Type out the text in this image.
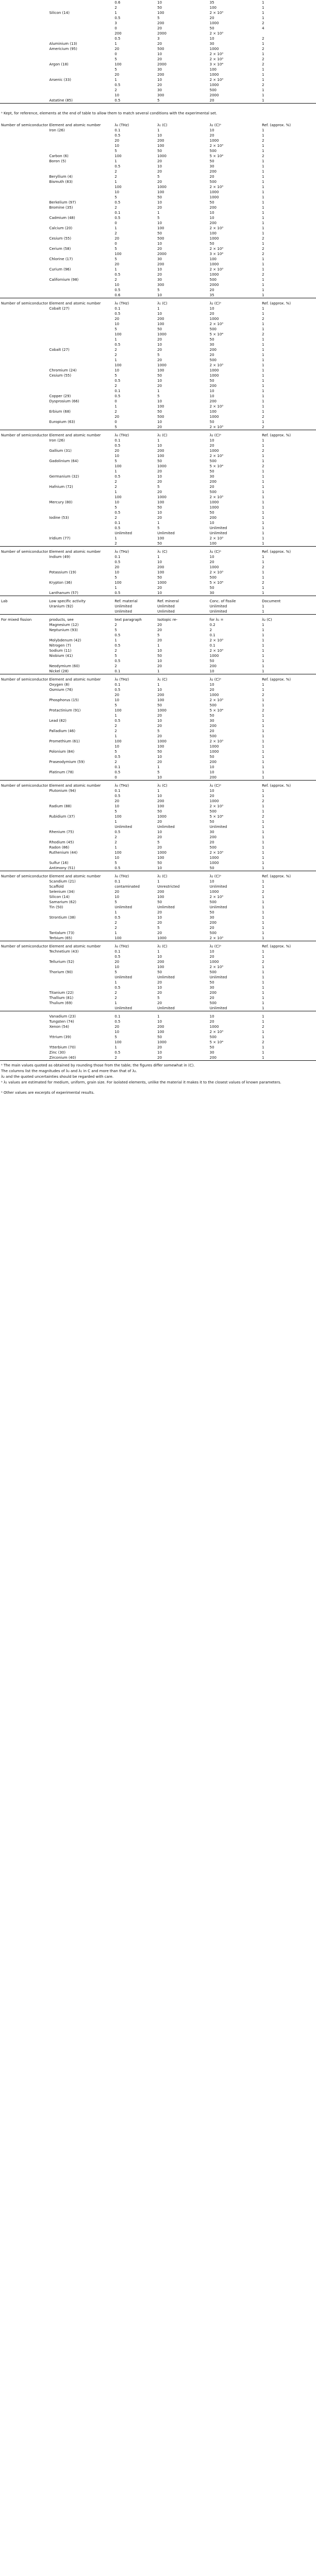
		0.6	10	35	1
		2	50	100	1
	Silicon (14)	1	100	2 × 10³	1
		0.5	5	20	1
		3	200	1000	2
		0	20	50	4
		200	2000	2 × 10³	
		0.5	3	10	2
	Aluminium (13)	1	20	30	1
	Americium (95)	20	500	1000	2
		0	10	2 × 10³	1
		5	20	2 × 10³	2
	Argon (18)	100	2000	3 × 10⁴	2
		5	30	100	1
		20	200	1000	1
	Arsenic (33)	1	10	2 × 10³	1
		0.5	20	1000	2
		2	30	500	1
		10	300	2000	1
	Astatine (85)	0.5	5	20	1
ᵃ Kept, for reference, elements at the end of table to allow them to match several conditions with the experimental set.
Number of semiconductor	Element and atomic number	λ₀ (THz)	λ₁ (C)	λ₂ (C)ᵃ	Ref. (approx. %)
	Iron (26)	0.1	1	10	1
		0.5	10	20	1
		20	200	1000	2
		10	100	2 × 10³	1
		5	50	500	1
	Carbon (6)	100	1000	5 × 10⁴	2
	Boron (5)	1	20	50	1
		0.5	10	30	1
		2	20	200	1
	Beryllium (4)	2	5	20	1
	Bismuth (83)	1	20	500	1
		100	1000	2 × 10³	1
		10	100	1000	1
		5	50	1000	1
	Berkelium (97)	0.5	10	50	1
	Bromine (35)	2	20	200	1
		0.1	1	10	1
	Cadmium (48)	0.5	5	10	1
		0	10	200	1
	Calcium (20)	1	100	2 × 10³	1
		2	50	100	1
	Cesium (55)	20	500	1000	2
		0	10	50	1
	Cerium (58)	5	20	2 × 10³	2
		100	2000	3 × 10⁴	2
	Chlorine (17)	5	30	100	1
		20	200	1000	1
	Curium (96)	1	10	2 × 10³	1
		0.5	20	1000	2
	Californium (98)	2	30	500	1
		10	300	2000	1
		0.5	5	20	1
		0.6	10	35	1
Number of semiconductor	Element and atomic number	λ₀ (THz)	λ₁ (C)	λ₂ (C)ᵃ	Ref. (approx. %)
	Cobalt (27)	0.1	1	10	1
		0.5	10	20	1
		20	200	1000	2
		10	100	2 × 10³	1
		5	50	500	1
		100	1000	5 × 10⁴	2
		1	20	50	1
		0.5	10	30	1
	Cobalt (27)	2	20	200	1
		2	5	20	1
		1	20	500	1
		100	1000	2 × 10³	1
	Chromium (24)	10	100	1000	1
	Cesium (55)	5	50	1000	1
		0.5	10	50	1
		2	20	200	1
		0.1	1	10	1
	Copper (29)	0.5	5	10	1
	Dysprosium (66)	0	10	200	1
		1	100	2 × 10³	1
	Erbium (68)	2	50	100	1
		20	500	1000	2
	Europium (63)	0	10	50	1
		5	20	2 × 10³	2
Number of semiconductor	Element and atomic number	λ₀ (THz)	λ₁ (C)	λ₂ (C)ᵃ	Ref. (approx. %)
	Iron (26)	0.1	1	10	1
		0.5	10	20	1
	Gallium (31)	20	200	1000	2
		10	100	2 × 10³	1
	Gadolinium (64)	5	50	500	1
		100	1000	5 × 10⁴	2
		1	20	50	1
	Germanium (32)	0.5	10	30	1
		2	20	200	1
	Hafnium (72)	2	5	20	1
		1	20	500	1
		100	1000	2 × 10³	1
	Mercury (80)	10	100	1000	1
		5	50	1000	1
		0.5	10	50	1
	Iodine (53)	2	20	200	1
		0.1	1	10	1
		0.5	5	Unlimited	1
		Unlimited	Unlimited	Unlimited	1
	Iridium (77)	1	100	2 × 10³	1
		2	50	100	1
Number of semiconductor	Element and atomic number	λ₀ (THz)	λ₁ (C)	λ₂ (C)ᵃ	Ref. (approx. %)
	Indium (49)	0.1	1	10	1
		0.5	10	20	1
		20	200	1000	2
	Potassium (19)	10	100	2 × 10³	1
		5	50	500	1
	Krypton (36)	100	1000	5 × 10⁴	2
		1	20	50	1
	Lanthanum (57)	0.5	10	30	1
Lab	Low specific activity	Ref. material	Ref. mineral	Conc. of fissile	Document
	Uranium (92)	Unlimited	Unlimited	Unlimited	1
		Unlimited	Unlimited	Unlimited	1
For mixed fission	products, see	text paragraph	Isotopic re-	for λ₁ =	λ₂ (C)
	Magnesium (12)	2	20	0.2	1
	Neptunium (93)	5	20	2	1
		0.5	5	0.1	1
	Molybdenum (42)	1	20	2 × 10³	1
	Nitrogen (7)	0.5	1	0.1	1
	Sodium (11)	2	10	2 × 10³	1
	Niobium (41)	5	50	1000	1
		0.5	10	50	1
	Neodymium (60)	2	20	200	1
	Nickel (28)	0.1	1	10	1
Number of semiconductor	Element and atomic number	λ₀ (THz)	λ₁ (C)	λ₂ (C)ᵃ	Ref. (approx. %)
	Oxygen (8)	0.1	1	10	1
	Osmium (76)	0.5	10	20	1
		20	200	1000	2
	Phosphorus (15)	10	100	2 × 10³	1
		5	50	500	1
	Protactinium (91)	100	1000	5 × 10⁴	2
		1	20	50	1
	Lead (82)	0.5	10	30	1
		2	20	200	1
	Palladium (46)	2	5	20	1
		1	20	500	1
	Promethium (61)	100	1000	2 × 10³	1
		10	100	1000	1
	Polonium (84)	5	50	1000	1
		0.5	10	50	1
	Praseodymium (59)	2	20	200	1
		0.1	1	10	1
	Platinum (78)	0.5	5	10	1
		0	10	200	1
Number of semiconductor	Element and atomic number	λ₀ (THz)	λ₁ (C)	λ₂ (C)ᵃ	Ref. (approx. %)
	Plutonium (94)	0.1	1	10	1
		0.5	10	20	1
		20	200	1000	2
	Radium (88)	10	100	2 × 10³	1
		5	50	500	1
	Rubidium (37)	100	1000	5 × 10⁴	2
		1	20	50	1
		Unlimited	Unlimited	Unlimited	1
	Rhenium (75)	0.5	10	30	1
		2	20	200	1
	Rhodium (45)	2	5	20	1
	Radon (86)	1	20	500	1
	Ruthenium (44)	100	1000	2 × 10³	1
		10	100	1000	1
	Sulfur (16)	5	50	1000	1
	Antimony (51)	0.5	10	50	1
Number of semiconductor	Element and atomic number	λ₀ (THz)	λ₁ (C)	λ₂ (C)ᵃ	Ref. (approx. %)
	Scandium (21)	0.1	1	10	1
	Scaffold	contaminated	Unrestricted	Unlimited	1
	Selenium (34)	20	200	1000	2
	Silicon (14)	10	100	2 × 10³	1
	Samarium (62)	5	50	500	1
	Tin (50)	Unlimited	Unlimited	Unlimited	1
		1	20	50	1
	Strontium (38)	0.5	10	30	1
		2	20	200	1
		2	5	20	1
	Tantalum (73)	1	20	500	1
	Terbium (65)	100	1000	2 × 10³	1
Number of semiconductor	Element and atomic number	λ₀ (THz)	λ₁ (C)	λ₂ (C)ᵃ	Ref. (approx. %)
	Technetium (43)	0.1	1	10	1
		0.5	10	20	1
	Tellurium (52)	20	200	1000	2
		10	100	2 × 10³	1
	Thorium (90)	5	50	500	1
		Unlimited	Unlimited	Unlimited	1
		1	20	50	1
		0.5	10	30	1
	Titanium (22)	2	20	200	1
	Thallium (81)	2	5	20	1
	Thulium (69)	1	20	500	1
		Unlimited	Unlimited	Unlimited	1
	Vanadium (23)	0.1	1	10	1
	Tungsten (74)	0.5	10	20	1
	Xenon (54)	20	200	1000	2
		10	100	2 × 10³	1
	Yttrium (39)	5	50	500	1
		100	1000	5 × 10⁴	2
	Ytterbium (70)	1	20	50	1
	Zinc (30)	0.5	10	30	1
	Zirconium (40)	2	20	200	1
ᵃ The main values quoted as obtained by rounding those from the table; the figures differ somewhat in (C).
The columns list the magnitudes of λ₀ and λ₁ in C and more than that of λ₂.
λ₂ and the quoted uncertainties should be regarded with care.
ᵃ λ₁ values are estimated for medium, uniform, grain size. For isolated elements, unlike the material it makes it to the closest values of known parameters.
ᵃ Other values are excerpts of experimental results.
